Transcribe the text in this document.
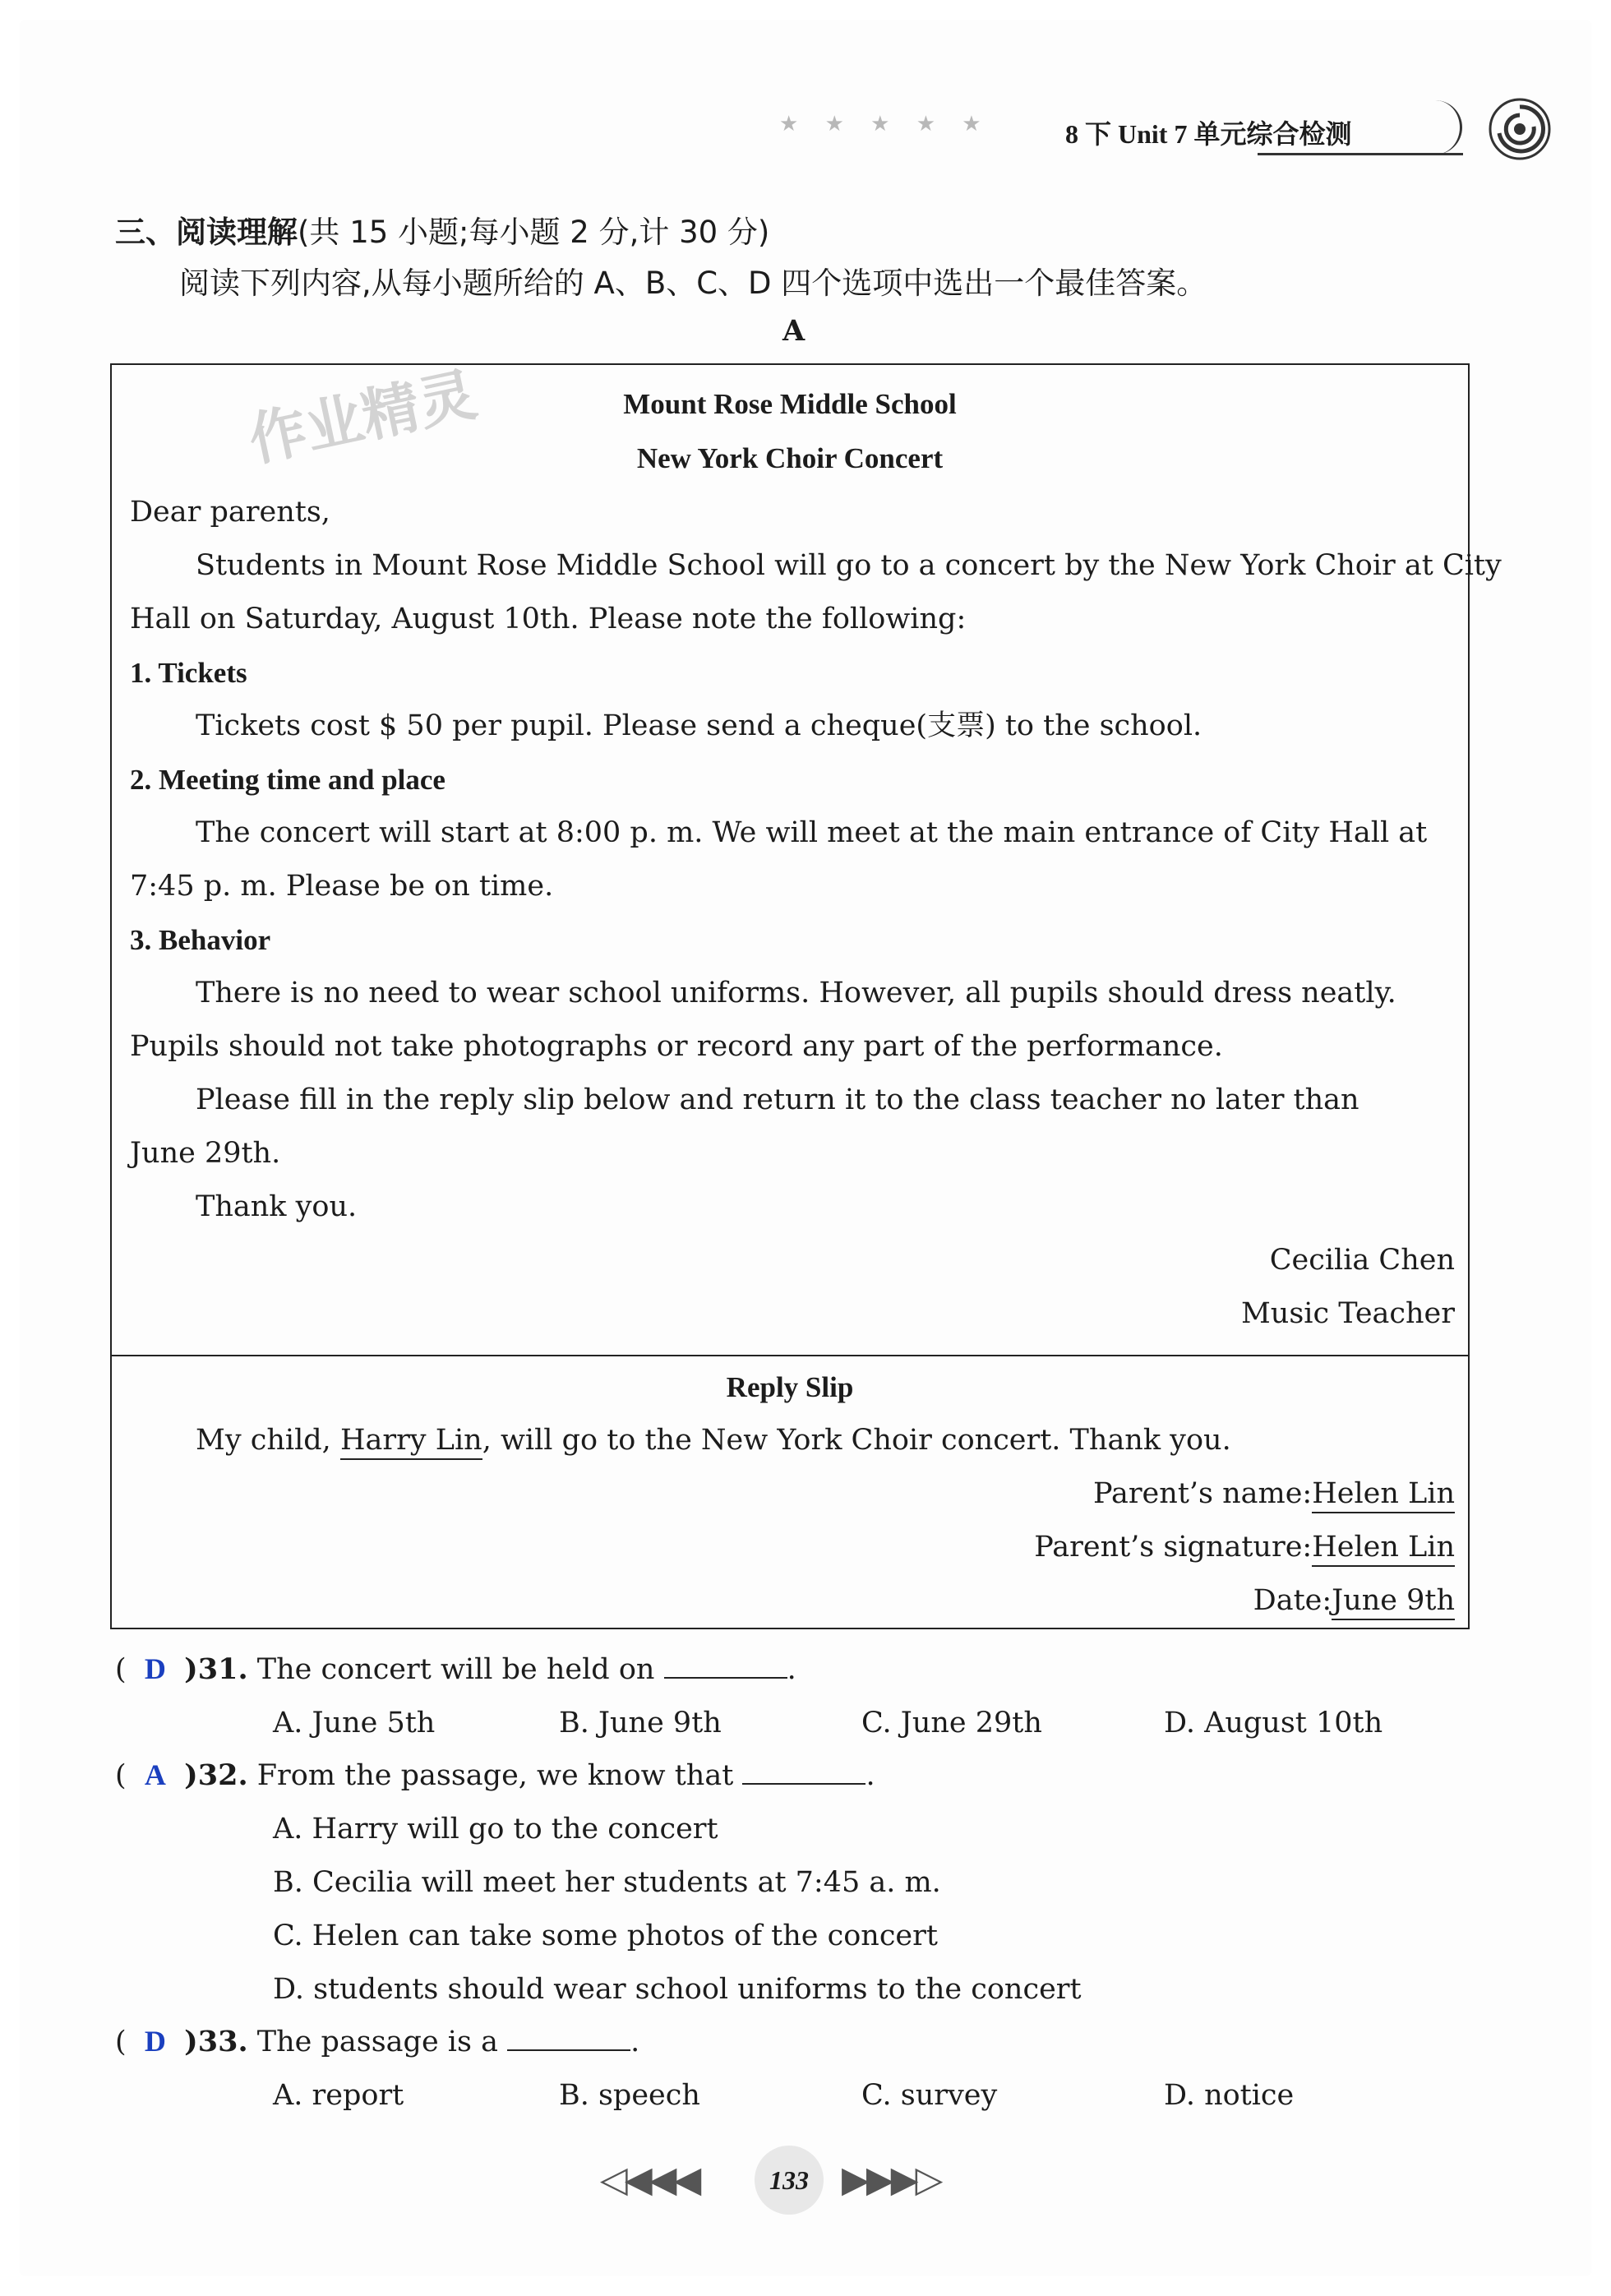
★ ★ ★ ★ ★	8 下 Unit 7 单元综合检测
三、阅读理解(共 15 小题;每小题 2 分,计 30 分)
阅读下列内容,从每小题所给的 A、B、C、D 四个选项中选出一个最佳答案。
A
作业精灵	Mount Rose Middle School
New York Choir Concert
Dear parents,
Students in Mount Rose Middle School will go to a concert by the New York Choir at City
Hall on Saturday, August 10th. Please note the following:
1. Tickets
Tickets cost $ 50 per pupil. Please send a cheque(支票) to the school.
2. Meeting time and place
The concert will start at 8:00 p. m. We will meet at the main entrance of City Hall at
7:45 p. m. Please be on time.
3. Behavior
There is no need to wear school uniforms. However, all pupils should dress neatly.
Pupils should not take photographs or record any part of the performance.
Please fill in the reply slip below and return it to the class teacher no later than
June 29th.
Thank you.
Cecilia Chen
Music Teacher
Reply Slip
My child, Harry Lin, will go to the New York Choir concert. Thank you.
Parent’s name:Helen Lin
Parent’s signature:Helen Lin
Date:June 9th
(  D )31. The concert will be held on	.
A. June 5th	B. June 9th	C. June 29th	D. August 10th
(  A )32. From the passage, we know that	.
A. Harry will go to the concert
B. Cecilia will meet her students at 7:45 a. m.
C. Helen can take some photos of the concert
D. students should wear school uniforms to the concert
(  D )33. The passage is a	.
A. report	B. speech	C. survey	D. notice
◁◀◀◀	133 ▶▶▶▷
